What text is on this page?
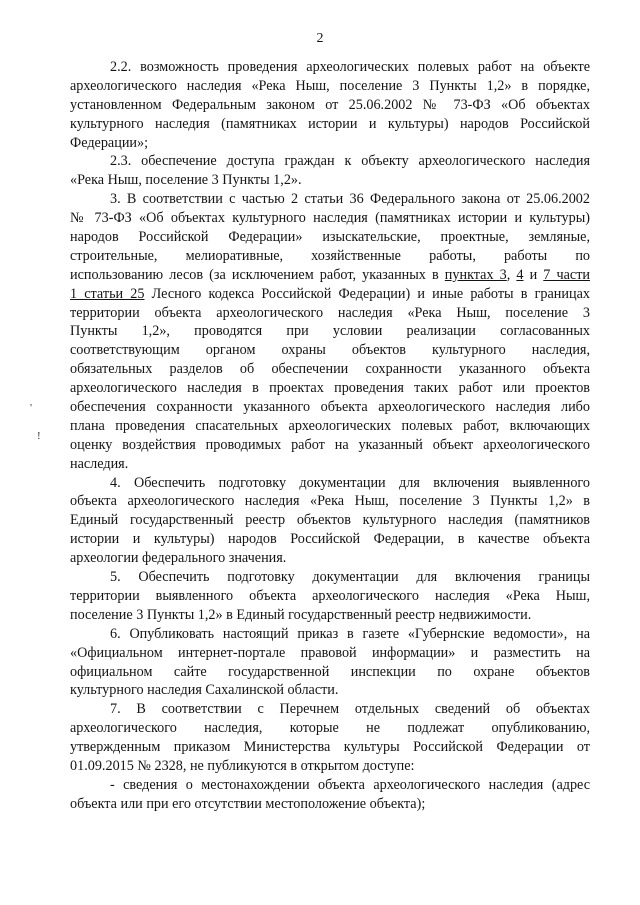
2
'
!
2.2. возможность проведения археологических полевых работ на объекте
археологического наследия «Река Ныш, поселение 3 Пункты 1,2» в порядке,
установленном Федеральным законом от 25.06.2002 № 73-ФЗ «Об объектах
культурного наследия (памятниках истории и культуры) народов Российской
Федерации»;
2.3. обеспечение доступа граждан к объекту археологического наследия
«Река Ныш, поселение 3 Пункты 1,2».
3. В соответствии с частью 2 статьи 36 Федерального закона от 25.06.2002
№ 73-ФЗ «Об объектах культурного наследия (памятниках истории и культуры)
народов Российской Федерации» изыскательские, проектные, земляные,
строительные, мелиоративные, хозяйственные работы, работы по
использованию лесов (за исключением работ, указанных в пунктах 3, 4 и 7 части
1 статьи 25 Лесного кодекса Российской Федерации) и иные работы в границах
территории объекта археологического наследия «Река Ныш, поселение 3
Пункты 1,2», проводятся при условии реализации согласованных
соответствующим органом охраны объектов культурного наследия,
обязательных разделов об обеспечении сохранности указанного объекта
археологического наследия в проектах проведения таких работ или проектов
обеспечения сохранности указанного объекта археологического наследия либо
плана проведения спасательных археологических полевых работ, включающих
оценку воздействия проводимых работ на указанный объект археологического
наследия.
4. Обеспечить подготовку документации для включения выявленного
объекта археологического наследия «Река Ныш, поселение 3 Пункты 1,2» в
Единый государственный реестр объектов культурного наследия (памятников
истории и культуры) народов Российской Федерации, в качестве объекта
археологии федерального значения.
5. Обеспечить подготовку документации для включения границы
территории выявленного объекта археологического наследия «Река Ныш,
поселение 3 Пункты 1,2» в Единый государственный реестр недвижимости.
6. Опубликовать настоящий приказ в газете «Губернские ведомости», на
«Официальном интернет-портале правовой информации» и разместить на
официальном сайте государственной инспекции по охране объектов
культурного наследия Сахалинской области.
7. В соответствии с Перечнем отдельных сведений об объектах
археологического наследия, которые не подлежат опубликованию,
утвержденным приказом Министерства культуры Российской Федерации от
01.09.2015 № 2328, не публикуются в открытом доступе:
- сведения о местонахождении объекта археологического наследия (адрес
объекта или при его отсутствии местоположение объекта);
